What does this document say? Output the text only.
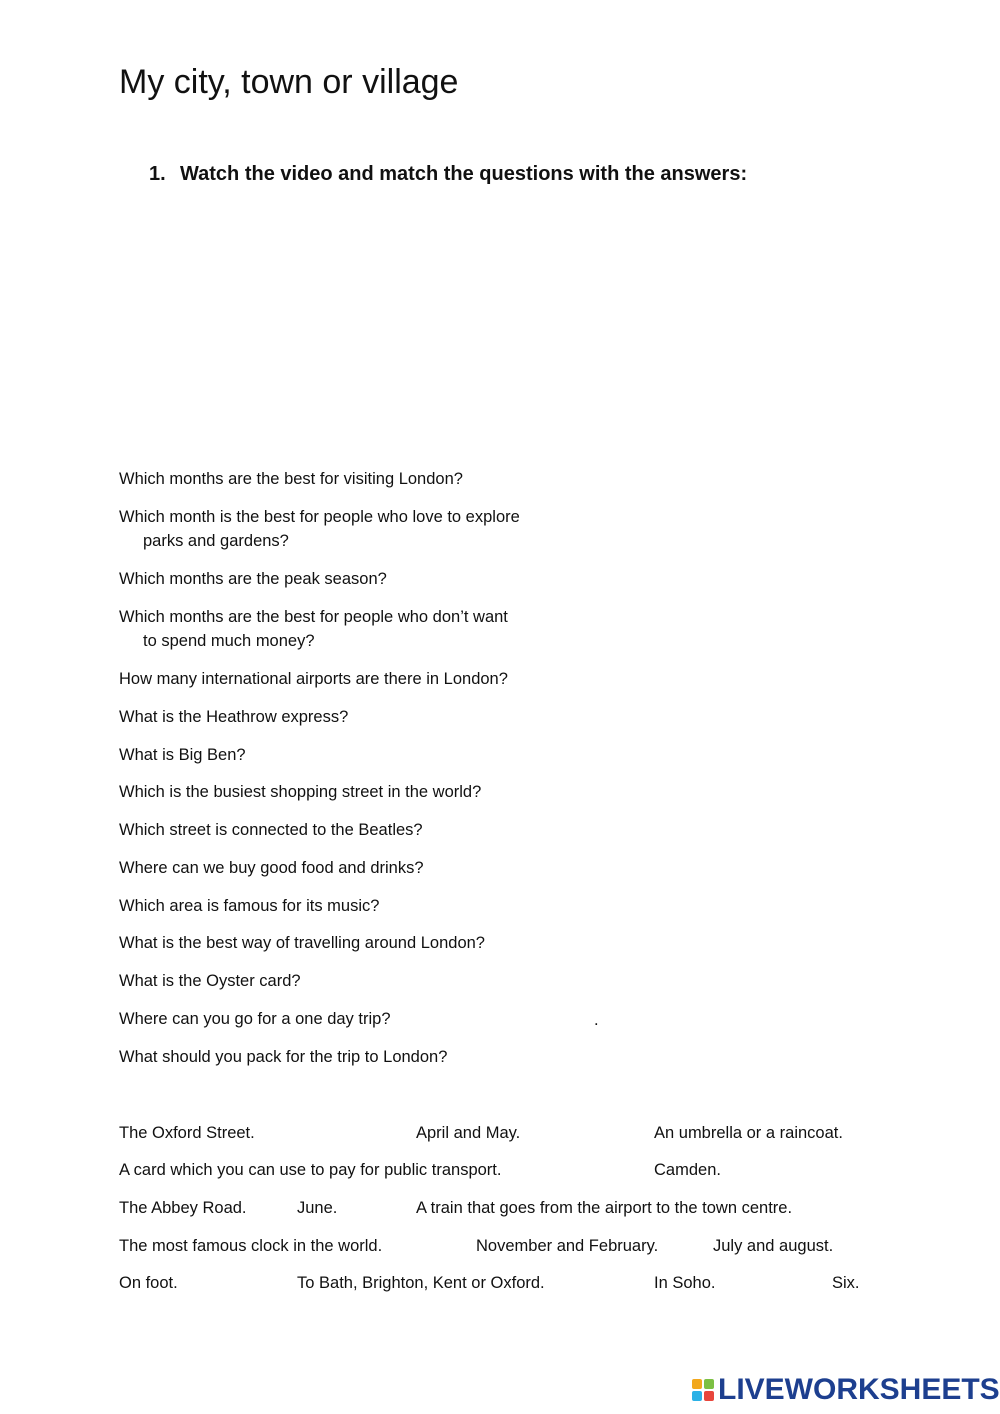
My city, town or village
1. Watch the video and match the questions with the answers:

Which months are the best for visiting London?

Which month is the best for people who love to explore
parks and gardens?

Which months are the peak season?

Which months are the best for people who don’t want
to spend much money?

How many international airports are there in London?

What is the Heathrow express?

What is Big Ben?

Which is the busiest shopping street in the world?

Which street is connected to the Beatles?

Where can we buy good food and drinks?

Which area is famous for its music?

What is the best way of travelling around London?

What is the Oyster card?

Where can you go for a one day trip?

What should you pack for the trip to London?

.
The Oxford Street.	April and May.	An umbrella or a raincoat.
A card which you can use to pay for public transport.	Camden.
The Abbey Road.	June.	A train that goes from the airport to the town centre.
The most famous clock in the world.	November and February.	July and august.
On foot.	To Bath, Brighton, Kent or Oxford.	In Soho.	Six.
LIVEWORKSHEETS
